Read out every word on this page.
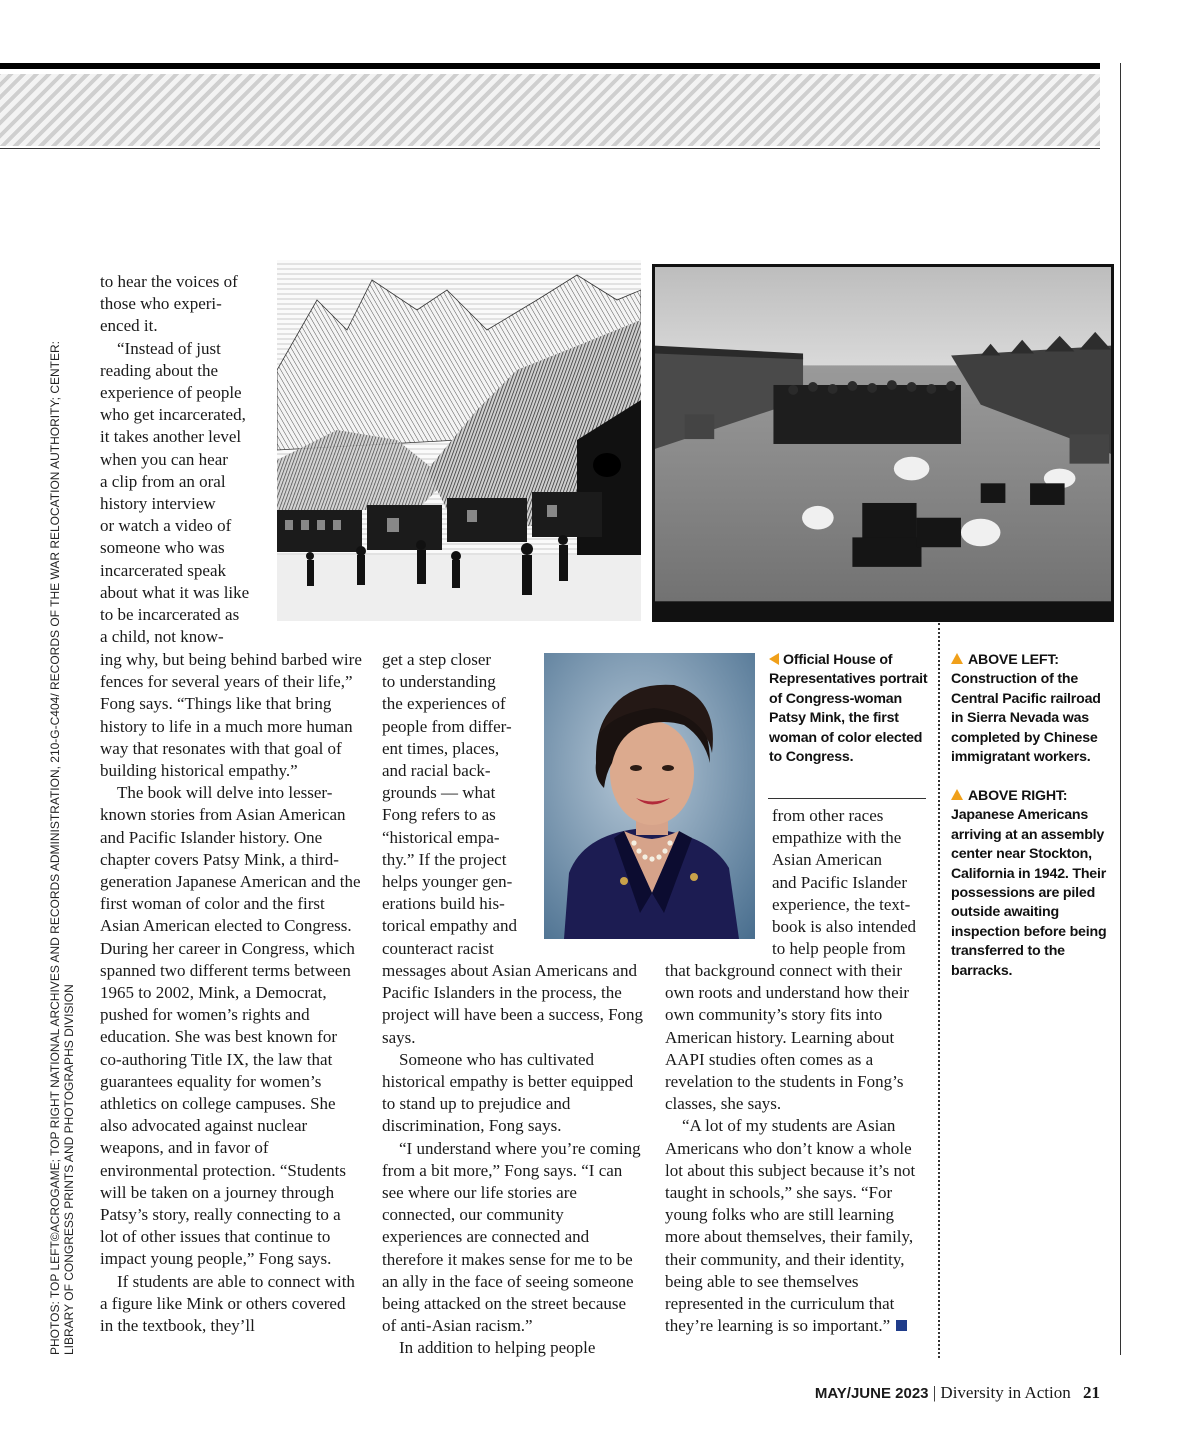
PHOTOS: TOP LEFT©ACROGAME; TOP RIGHT NATIONAL ARCHIVES AND RECORDS ADMINISTRATION, 210-G-C404/ RECORDS OF THE WAR RELOCATION AUTHORITY; CENTER: LIBRARY OF CONGRESS PRINTS AND PHOTOGRAPHS DIVISION

to hear the voices of

those who experi-

enced it.

“Instead of just

reading about the

experience of people

who get incarcerated,

it takes another level

when you can hear

a clip from an oral

history interview

or watch a video of

someone who was

incarcerated speak

about what it was like

to be incarcerated as

a child, not know-

ing why, but being behind barbed wire fences for several years of their life,” Fong says. “Things like that bring history to life in a much more human way that resonates with that goal of building historical empathy.”

The book will delve into lesser-known stories from Asian American and Pacific Islander history. One chapter covers Patsy Mink, a third-generation Japanese American and the first woman of color and the first Asian American elected to Congress. During her career in Congress, which spanned two different terms between 1965 to 2002, Mink, a Democrat, pushed for women’s rights and education. She was best known for co-authoring Title IX, the law that guarantees equality for women’s athletics on college campuses. She also advocated against nuclear weapons, and in favor of environmental protection. “Students will be taken on a journey through Patsy’s story, really connecting to a lot of other issues that continue to impact young people,” Fong says.

If students are able to connect with a figure like Mink or others covered in the textbook, they’ll

get a step closer

to understanding

the experiences of

people from differ-

ent times, places,

and racial back-

grounds — what

Fong refers to as

“historical empa-

thy.” If the project

helps younger gen-

erations build his-

torical empathy and

counteract racist

messages about Asian Americans and Pacific Islanders in the process, the project will have been a success, Fong says.

Someone who has cultivated historical empathy is better equipped to stand up to prejudice and discrimination, Fong says.

“I understand where you’re coming from a bit more,” Fong says. “I can see where our life stories are connected, our community experiences are connected and therefore it makes sense for me to be an ally in the face of seeing someone being attacked on the street because of anti-Asian racism.”

In addition to helping people

Official House of Representatives portrait of Congress-woman Patsy Mink, the first woman of color elected to Congress.

from other races

empathize with the

Asian American

and Pacific Islander

experience, the text-

book is also intended

to help people from

that background connect with their own roots and understand how their own community’s story fits into American history. Learning about AAPI studies often comes as a revelation to the students in Fong’s classes, she says.

“A lot of my students are Asian Americans who don’t know a whole lot about this subject because it’s not taught in schools,” she says. “For young folks who are still learning more about themselves, their family, their community, and their identity, being able to see themselves represented in the curriculum that they’re learning is so important.”

ABOVE LEFT: Construction of the Central Pacific railroad in Sierra Nevada was completed by Chinese immigratant workers.
ABOVE RIGHT: Japanese Americans arriving at an assembly center near Stockton, California in 1942. Their possessions are piled outside awaiting inspection before being transferred to the barracks.
MAY/JUNE 2023 | Diversity in Action 21
